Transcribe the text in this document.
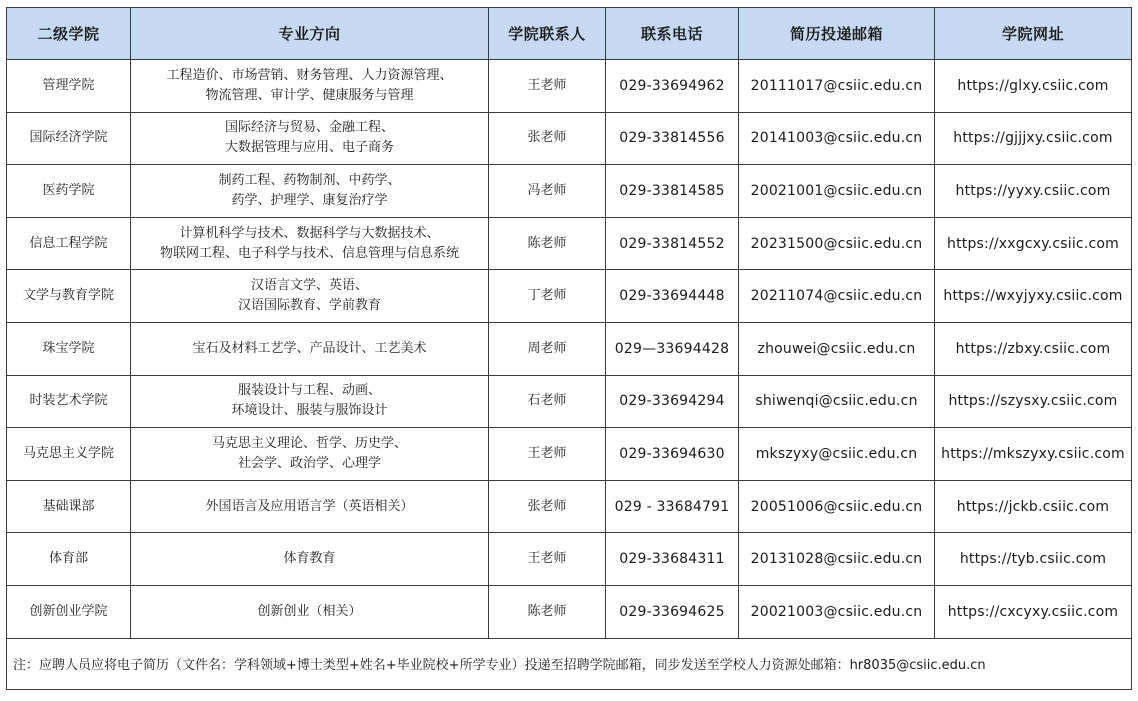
二级学院	专业方向	学院联系人	联系电话	简历投递邮箱	学院网址
管理学院	工程造价、市场营销、财务管理、人力资源管理、
物流管理、审计学、健康服务与管理	王老师	029-33694962	20111017@csiic.edu.cn	https://glxy.csiic.com
国际经济学院	国际经济与贸易、金融工程、
大数据管理与应用、电子商务	张老师	029-33814556	20141003@csiic.edu.cn	https://gjjjxy.csiic.com
医药学院	制药工程、药物制剂、中药学、
药学、护理学、康复治疗学	冯老师	029-33814585	20021001@csiic.edu.cn	https://yyxy.csiic.com
信息工程学院	计算机科学与技术、数据科学与大数据技术、
物联网工程、电子科学与技术、信息管理与信息系统	陈老师	029-33814552	20231500@csiic.edu.cn	https://xxgcxy.csiic.com
文学与教育学院	汉语言文学、英语、
汉语国际教育、学前教育	丁老师	029-33694448	20211074@csiic.edu.cn	https://wxyjyxy.csiic.com
珠宝学院	宝石及材料工艺学、产品设计、工艺美术	周老师	029—33694428	zhouwei@csiic.edu.cn	https://zbxy.csiic.com
时装艺术学院	服装设计与工程、动画、
环境设计、服装与服饰设计	石老师	029-33694294	shiwenqi@csiic.edu.cn	https://szysxy.csiic.com
马克思主义学院	马克思主义理论、哲学、历史学、
社会学、政治学、心理学	王老师	029-33694630	mkszyxy@csiic.edu.cn	https://mkszyxy.csiic.com
基础课部	外国语言及应用语言学（英语相关）	张老师	029 - 33684791	20051006@csiic.edu.cn	https://jckb.csiic.com
体育部	体育教育	王老师	029-33684311	20131028@csiic.edu.cn	https://tyb.csiic.com
创新创业学院	创新创业（相关）	陈老师	029-33694625	20021003@csiic.edu.cn	https://cxcyxy.csiic.com
注：应聘人员应将电子简历（文件名：学科领域+博士类型+姓名+毕业院校+所学专业）投递至招聘学院邮箱，同步发送至学校人力资源处邮箱：hr8035@csiic.edu.cn					
